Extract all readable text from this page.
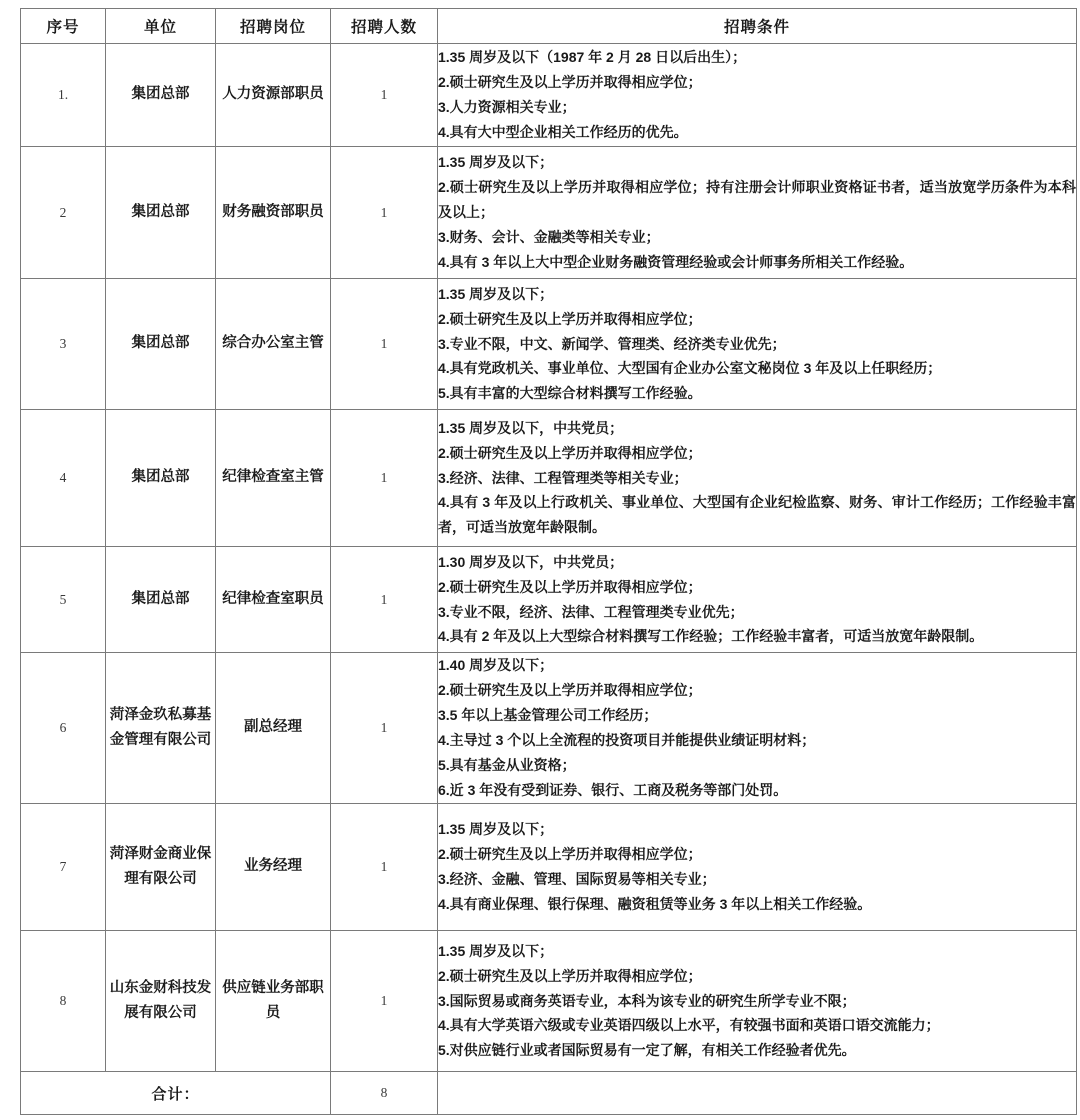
序号	单位	招聘岗位	招聘人数	招聘条件
1.	集团总部	人力资源部职员	1	1.35 周岁及以下（1987 年 2 月 28 日以后出生）；
2.硕士研究生及以上学历并取得相应学位；
3.人力资源相关专业；
4.具有大中型企业相关工作经历的优先。

2	集团总部	财务融资部职员	1	1.35 周岁及以下；
2.硕士研究生及以上学历并取得相应学位；持有注册会计师职业资格证书者，适当放宽学历条件为本科及以上；
3.财务、会计、金融类等相关专业；
4.具有 3 年以上大中型企业财务融资管理经验或会计师事务所相关工作经验。

3	集团总部	综合办公室主管	1	1.35 周岁及以下；
2.硕士研究生及以上学历并取得相应学位；
3.专业不限，中文、新闻学、管理类、经济类专业优先；
4.具有党政机关、事业单位、大型国有企业办公室文秘岗位 3 年及以上任职经历；
5.具有丰富的大型综合材料撰写工作经验。

4	集团总部	纪律检查室主管	1	1.35 周岁及以下，中共党员；
2.硕士研究生及以上学历并取得相应学位；
3.经济、法律、工程管理类等相关专业；
4.具有 3 年及以上行政机关、事业单位、大型国有企业纪检监察、财务、审计工作经历；工作经验丰富者，可适当放宽年龄限制。

5	集团总部	纪律检查室职员	1	1.30 周岁及以下，中共党员；
2.硕士研究生及以上学历并取得相应学位；
3.专业不限，经济、法律、工程管理类专业优先；
4.具有 2 年及以上大型综合材料撰写工作经验；工作经验丰富者，可适当放宽年龄限制。

6	菏泽金玖私募基金管理有限公司	副总经理	1	
1.40 周岁及以下；
2.硕士研究生及以上学历并取得相应学位；
3.5 年以上基金管理公司工作经历；
4.主导过 3 个以上全流程的投资项目并能提供业绩证明材料；
5.具有基金从业资格；
6.近 3 年没有受到证券、银行、工商及税务等部门处罚。

7	菏泽财金商业保理有限公司	业务经理	1	1.35 周岁及以下；
2.硕士研究生及以上学历并取得相应学位；
3.经济、金融、管理、国际贸易等相关专业；
4.具有商业保理、银行保理、融资租赁等业务 3 年以上相关工作经验。

8	山东金财科技发展有限公司	供应链业务部职员	1	1.35 周岁及以下；
2.硕士研究生及以上学历并取得相应学位；
3.国际贸易或商务英语专业，本科为该专业的研究生所学专业不限；
4.具有大学英语六级或专业英语四级以上水平，有较强书面和英语口语交流能力；
5.对供应链行业或者国际贸易有一定了解，有相关工作经验者优先。

合计：			8	
